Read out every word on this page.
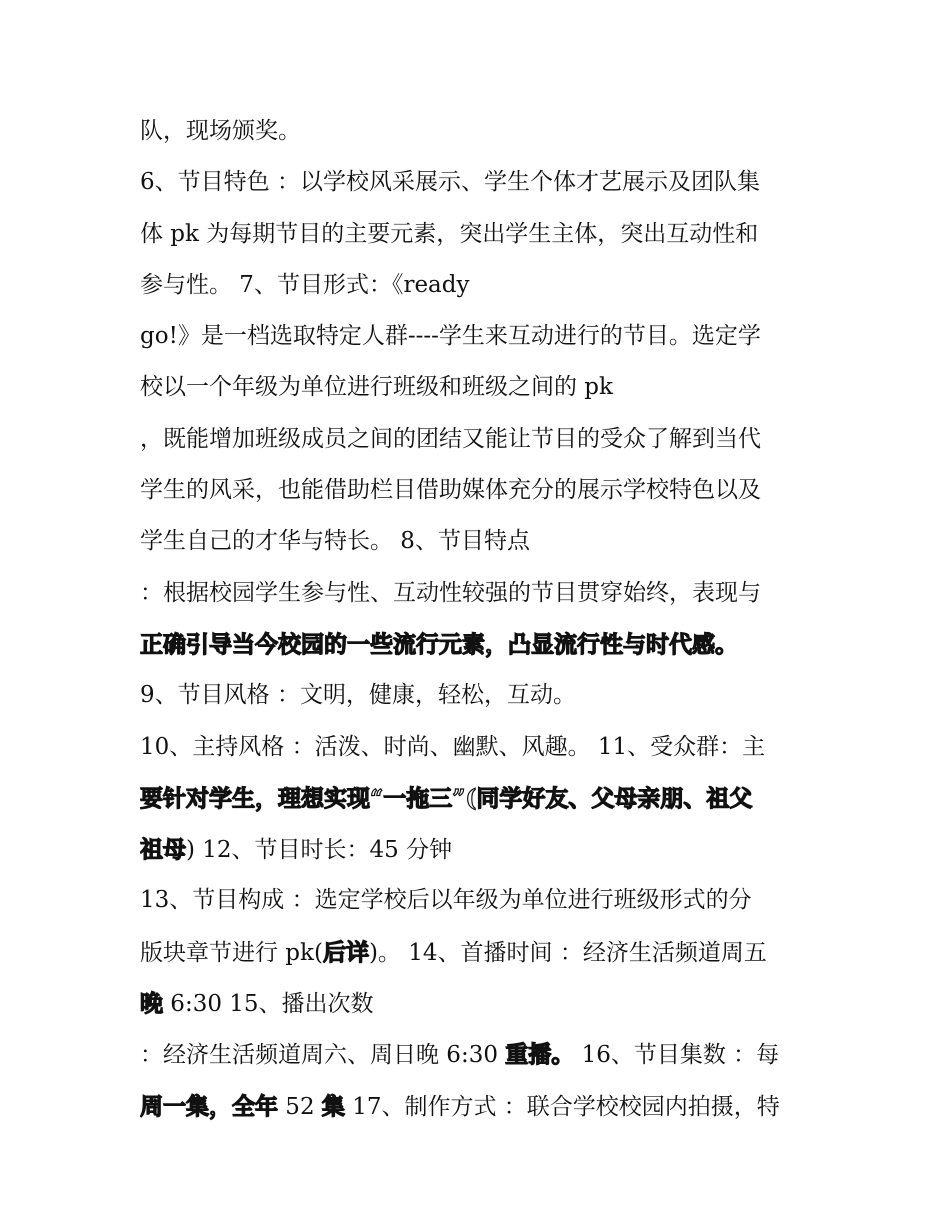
队，现场颁奖。
6、节目特色 ：以学校风采展示、学生个体才艺展示及团队集
体 pk 为每期节目的主要元素，突出学生主体，突出互动性和
参与性。 7、节目形式：《ready
go!》是一档选取特定人群----学生来互动进行的节目。选定学
校以一个年级为单位进行班级和班级之间的 pk
，既能增加班级成员之间的团结又能让节目的受众了解到当代
学生的风采，也能借助栏目借助媒体充分的展示学校特色以及
学生自己的才华与特长。 8、节目特点
：根据校园学生参与性、互动性较强的节目贯穿始终，表现与
正确引导当今校园的一些流行元素，凸显流行性与时代感。
9、节目风格 ：文明，健康，轻松，互动。
10、主持风格 ：活泼、时尚、幽默、风趣。 11、受众群：主
要针对学生，理想实现“一拖三”(同学好友、父母亲朋、祖父
祖母) 12、节目时长：45 分钟
13、节目构成 ：选定学校后以年级为单位进行班级形式的分
版块章节进行 pk(后详)。 14、首播时间 ：经济生活频道周五
晚 6:30 15、播出次数
：经济生活频道周六、周日晚 6:30 重播。 16、节目集数 ：每
周一集，全年 52 集 17、制作方式 ：联合学校校园内拍摄，特
